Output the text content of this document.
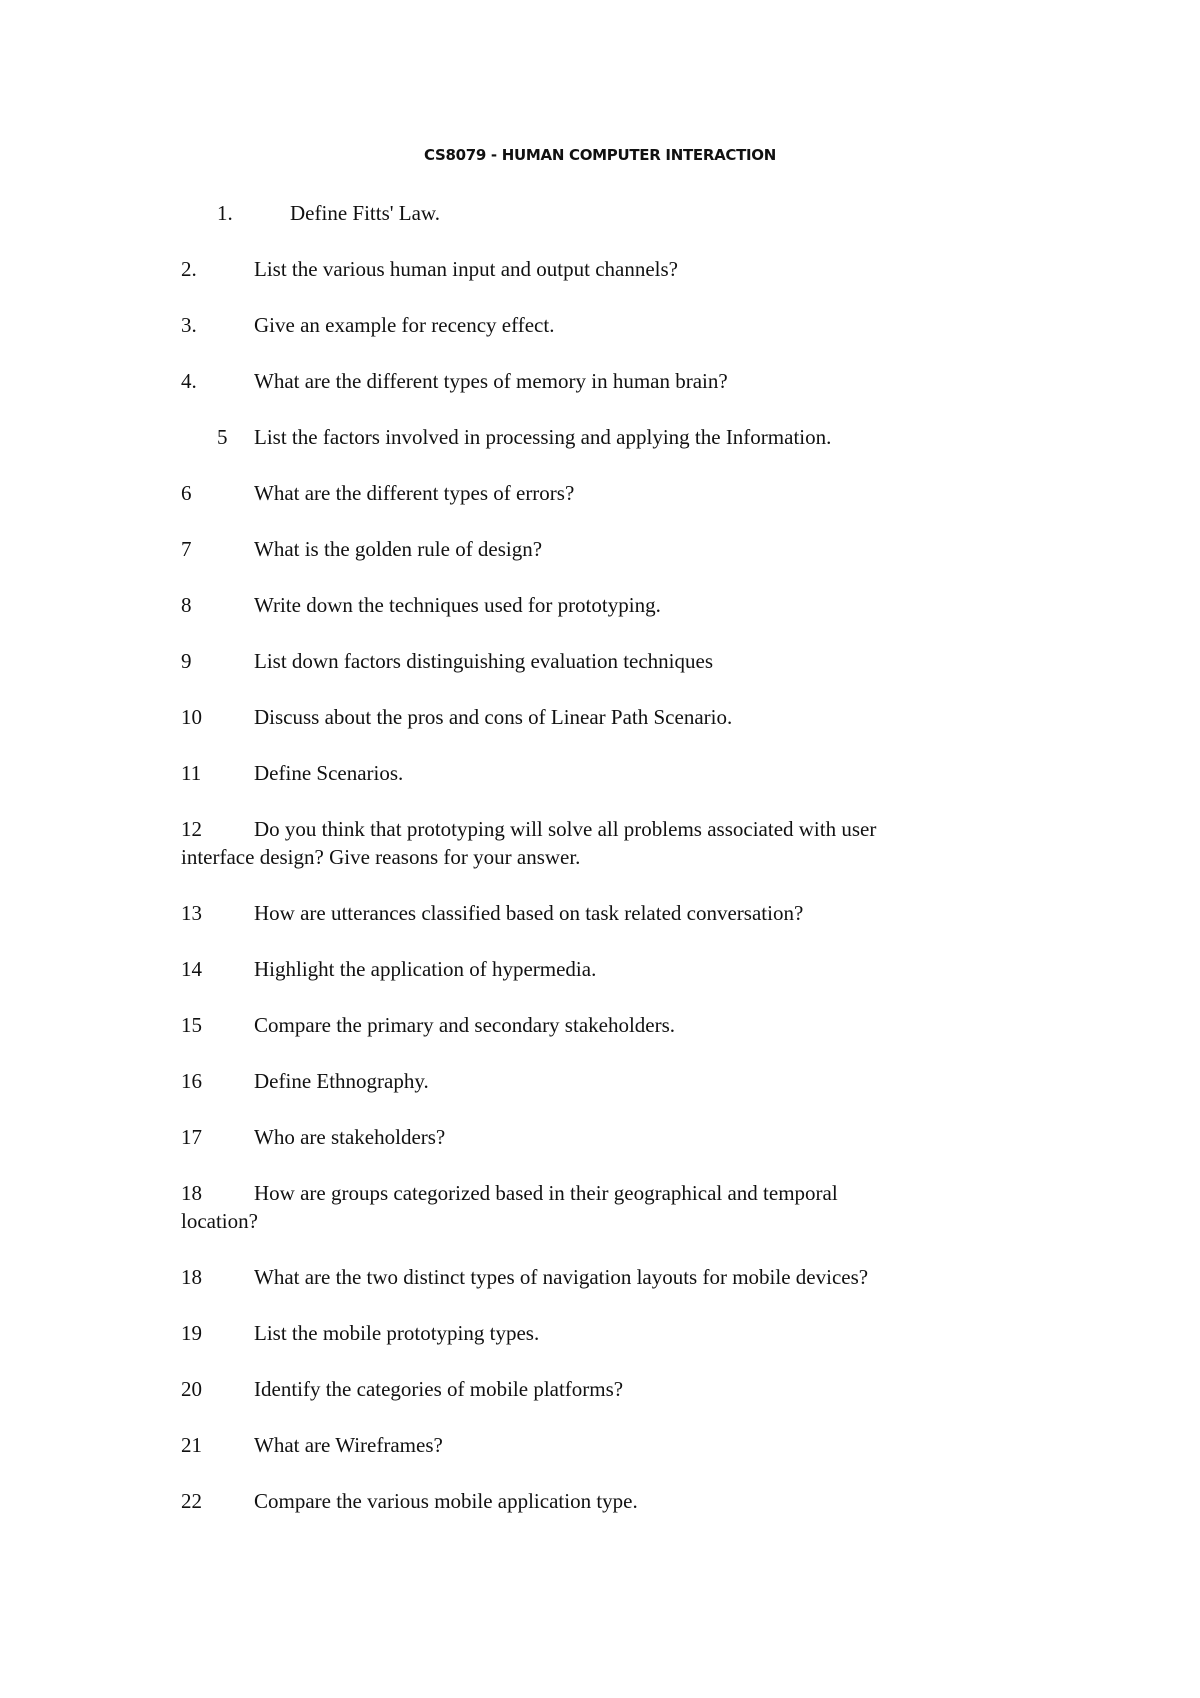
CS8079 - HUMAN COMPUTER INTERACTION
1.	Define Fitts' Law.
2.	List the various human input and output channels?
3.	Give an example for recency effect.
4.	What are the different types of memory in human brain?
5 List the factors involved in processing and applying the Information.
6	What are the different types of errors?
7	What is the golden rule of design?
8	Write down the techniques used for prototyping.
9	List down factors distinguishing evaluation techniques
10 Discuss about the pros and cons of Linear Path Scenario.
11	Define Scenarios.
12 Do you think that prototyping will solve all problems associated with user
interface design? Give reasons for your answer.
13 How are utterances classified based on task related conversation?
14 Highlight the application of hypermedia.
15 Compare the primary and secondary stakeholders.
16 Define Ethnography.
17 Who are stakeholders?
18 How are groups categorized based in their geographical and temporal
location?
18 What are the two distinct types of navigation layouts for mobile devices?
19 List the mobile prototyping types.
20 Identify the categories of mobile platforms?
21 What are Wireframes?
22 Compare the various mobile application type.
